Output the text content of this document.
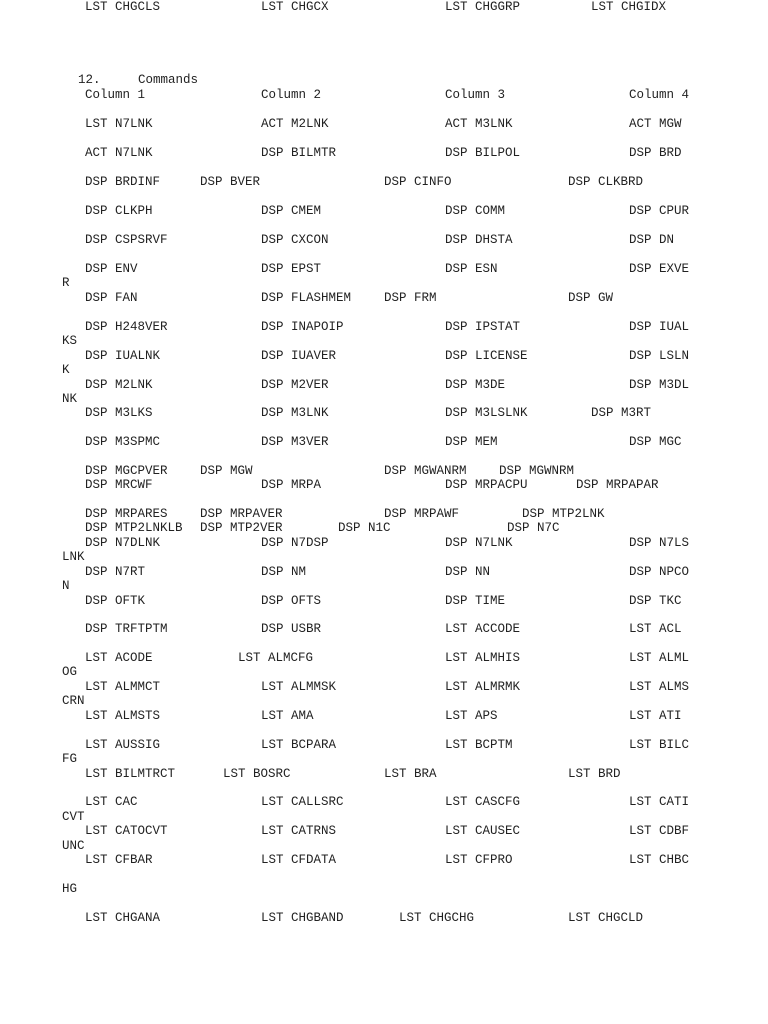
12.	Commands
Column 1	Column 2	Column 3	Column 4
LST N7LNK	ACT M2LNK	ACT M3LNK	ACT MGW
ACT N7LNK	DSP BILMTR	DSP BILPOL	DSP BRD
DSP BRDINF	DSP BVER	DSP CINFO	DSP CLKBRD
DSP CLKPH	DSP CMEM	DSP COMM	DSP CPUR
DSP CSPSRVF	DSP CXCON	DSP DHSTA	DSP DN
DSP ENV	DSP EPST	DSP ESN	DSP EXVE
R
DSP FAN	DSP FLASHMEM	DSP FRM	DSP GW
DSP H248VER	DSP INAPOIP	DSP IPSTAT	DSP IUAL
KS
DSP IUALNK	DSP IUAVER	DSP LICENSE	DSP LSLN
K
DSP M2LNK	DSP M2VER	DSP M3DE	DSP M3DL
NK
DSP M3LKS	DSP M3LNK	DSP M3LSLNK	DSP M3RT
DSP M3SPMC	DSP M3VER	DSP MEM	DSP MGC
DSP MGCPVER	DSP MGW	DSP MGWANRM	DSP MGWNRM
DSP MRCWF	DSP MRPA	DSP MRPACPU	DSP MRPAPAR
DSP MRPARES	DSP MRPAVER	DSP MRPAWF	DSP MTP2LNK
DSP MTP2LNKLB DSP MTP2VER	DSP N1C	DSP N7C
DSP N7DLNK	DSP N7DSP	DSP N7LNK	DSP N7LS
LNK
DSP N7RT	DSP NM	DSP NN	DSP NPCO
N
DSP OFTK	DSP OFTS	DSP TIME	DSP TKC
DSP TRFTPTM	DSP USBR	LST ACCODE	LST ACL
LST ACODE	LST ALMCFG	LST ALMHIS	LST ALML
OG
LST ALMMCT	LST ALMMSK	LST ALMRMK	LST ALMS
CRN
LST ALMSTS	LST AMA	LST APS	LST ATI
LST AUSSIG	LST BCPARA	LST BCPTM	LST BILC
FG
LST BILMTRCT	LST BOSRC	LST BRA	LST BRD
LST CAC	LST CALLSRC	LST CASCFG	LST CATI
CVT
LST CATOCVT	LST CATRNS	LST CAUSEC	LST CDBF
UNC
LST CFBAR	LST CFDATA	LST CFPRO	LST CHBC
HG
LST CHGANA	LST CHGBAND	LST CHGCHG	LST CHGCLD
LST CHGCLS	LST CHGCX	LST CHGGRP	LST CHGIDX
